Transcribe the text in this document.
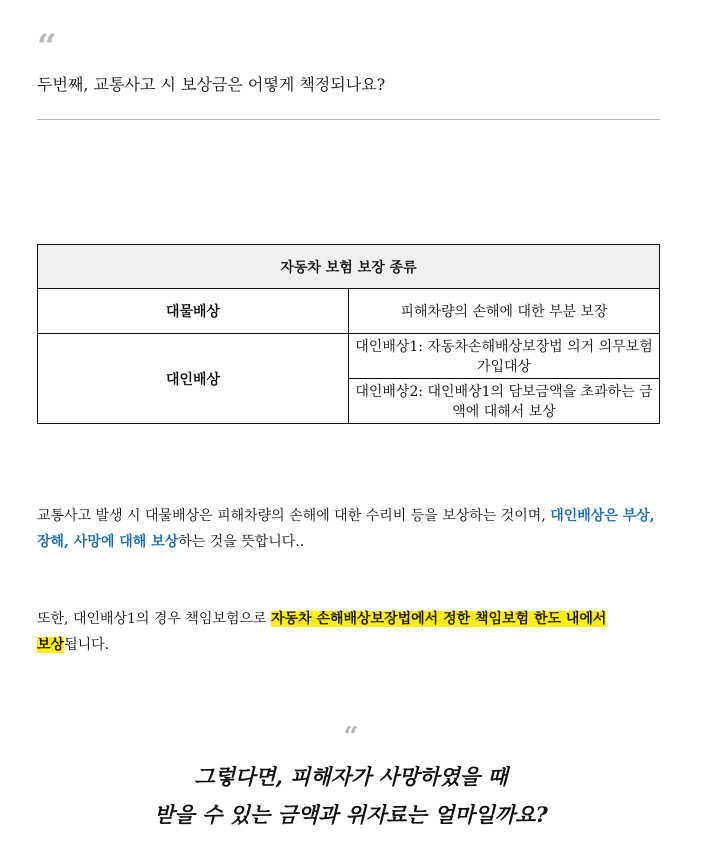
“
두번째, 교통사고 시 보상금은 어떻게 책정되나요?
자동차 보험 보장 종류	
대물배상	피해차량의 손해에 대한 부분 보장
대인배상	대인배상1: 자동차손해배상보장법 의거 의무보험 가입대상
	대인배상2: 대인배상1의 담보금액을 초과하는 금액에 대해서 보상
교통사고 발생 시 대물배상은 피해차량의 손해에 대한 수리비 등을 보상하는 것이며, 대인배상은 부상, 장해, 사망에 대해 보상하는 것을 뜻합니다..
또한, 대인배상1의 경우 책임보험으로 자동차 손해배상보장법에서 정한 책임보험 한도 내에서 보상됩니다.
“
그렇다면, 피해자가 사망하였을 때
받을 수 있는 금액과 위자료는 얼마일까요?
